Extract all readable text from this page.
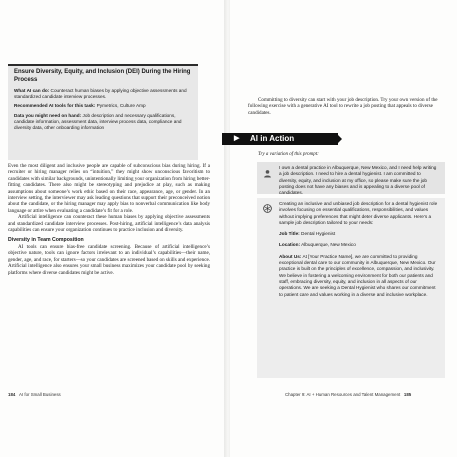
Ensure Diversity, Equity, and Inclusion (DEI) During the Hiring Process
What AI can do: Counteract human biases by applying objective assessments and standardized candidate interview processes.
Recommended AI tools for this task: Pymetrics, Culture Amp
Data you might need on hand: Job description and necessary qualifications, candidate information, assessment data, interview process data, compliance and diversity data, other onboarding information

Even the most diligent and inclusive people are capable of subconscious bias during hiring. If a recruiter or hiring manager relies on “intuition,” they might show unconscious favoritism to candidates with similar backgrounds, unintentionally limiting your organization from hiring better-fitting candidates. There also might be stereotyping and prejudice at play, such as making assumptions about someone’s work ethic based on their race, appearance, age, or gender. In an interview setting, the interviewer may ask leading questions that support their preconceived notion about the candidate, or the hiring manager may apply bias to nonverbal communication like body language or attire when evaluating a candidate’s fit for a role.

Artificial intelligence can counteract these human biases by applying objective assessments and standardized candidate interview processes. Post-hiring, artificial intelligence’s data analysis capabilities can ensure your organization continues to practice inclusion and diversity.

Diversity in Team Composition

AI tools can ensure bias-free candidate screening. Because of artificial intelligence’s objective nature, tools can ignore factors irrelevant to an individual’s capabilities—their name, gender, age, and race, for starters—so your candidates are screened based on skills and experience. Artificial intelligence also ensures your small business maximizes your candidate pool by seeking platforms where diverse candidates might be active.

184 AI for Small Business
Committing to diversity can start with your job description. Try your own version of the following exercise with a generative AI tool to rewrite a job posting that appeals to diverse candidates.
▶ AI in Action
Try a variation of this prompt:
I own a dental practice in Albuquerque, New Mexico, and I need help writing a job description. I need to hire a dental hygienist. I am committed to diversity, equity, and inclusion at my office, so please make sure the job posting does not have any biases and is appealing to a diverse pool of candidates.

Creating an inclusive and unbiased job description for a dental hygienist role involves focusing on essential qualifications, responsibilities, and values without implying preferences that might deter diverse applicants. Here’s a sample job description tailored to your needs:

Job Title: Dental Hygienist

Location: Albuquerque, New Mexico

About Us: At [Your Practice Name], we are committed to providing exceptional dental care to our community in Albuquerque, New Mexico. Our practice is built on the principles of excellence, compassion, and inclusivity. We believe in fostering a welcoming environment for both our patients and staff, embracing diversity, equity, and inclusion in all aspects of our operations. We are seeking a Dental Hygienist who shares our commitment to patient care and values working in a diverse and inclusive workplace.

Chapter 9: AI + Human Resources and Talent Management 185
